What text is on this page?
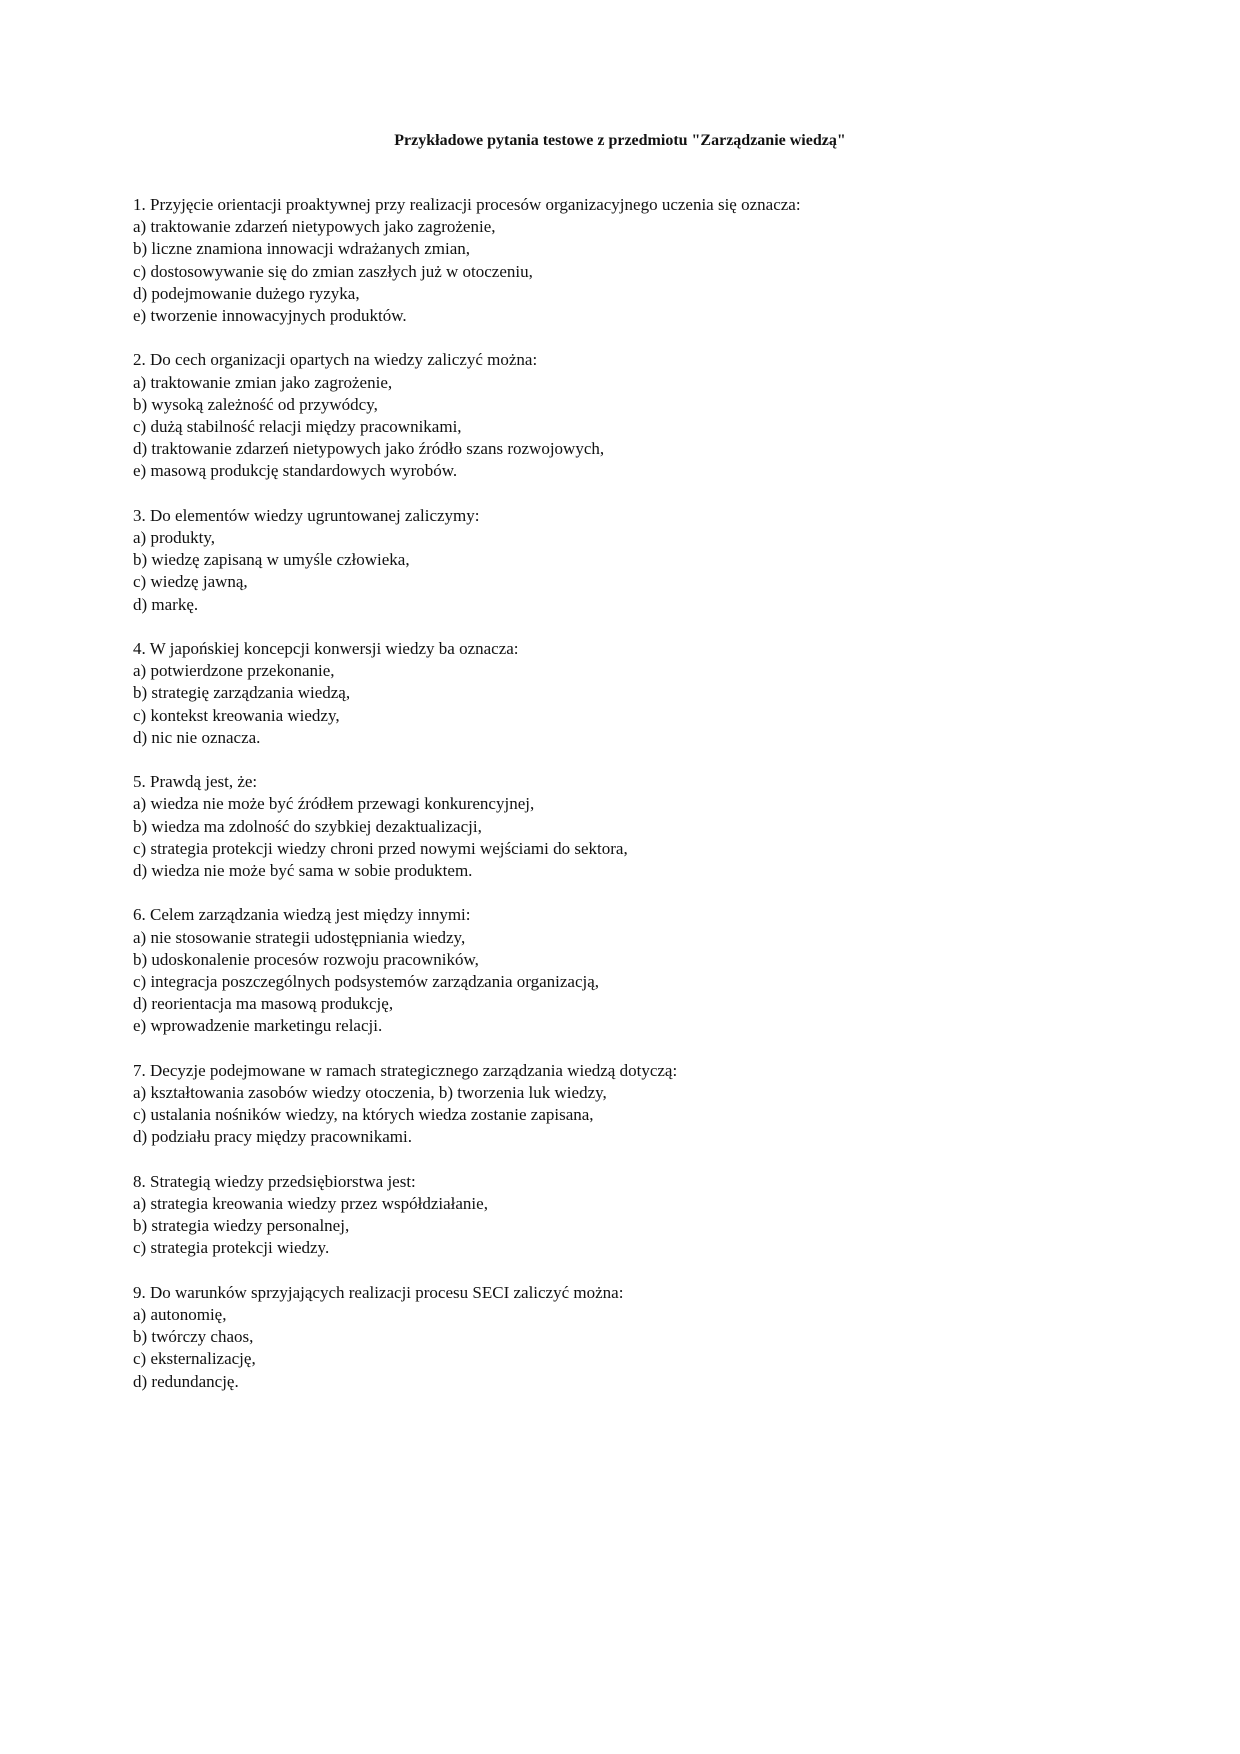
Przykładowe pytania testowe z przedmiotu "Zarządzanie wiedzą"
1. Przyjęcie orientacji proaktywnej przy realizacji procesów organizacyjnego uczenia się oznacza:
a) traktowanie zdarzeń nietypowych jako zagrożenie,
b) liczne znamiona innowacji wdrażanych zmian,
c) dostosowywanie się do zmian zaszłych już w otoczeniu,
d) podejmowanie dużego ryzyka,
e) tworzenie innowacyjnych produktów.
2. Do cech organizacji opartych na wiedzy zaliczyć można:
a) traktowanie zmian jako zagrożenie,
b) wysoką zależność od przywódcy,
c) dużą stabilność relacji między pracownikami,
d) traktowanie zdarzeń nietypowych jako źródło szans rozwojowych,
e) masową produkcję standardowych wyrobów.
3. Do elementów wiedzy ugruntowanej zaliczymy:
a) produkty,
b) wiedzę zapisaną w umyśle człowieka,
c) wiedzę jawną,
d) markę.
4. W japońskiej koncepcji konwersji wiedzy ba oznacza:
a) potwierdzone przekonanie,
b) strategię zarządzania wiedzą,
c) kontekst kreowania wiedzy,
d) nic nie oznacza.
5. Prawdą jest, że:
a) wiedza nie może być źródłem przewagi konkurencyjnej,
b) wiedza ma zdolność do szybkiej dezaktualizacji,
c) strategia protekcji wiedzy chroni przed nowymi wejściami do sektora,
d) wiedza nie może być sama w sobie produktem.
6. Celem zarządzania wiedzą jest między innymi:
a) nie stosowanie strategii udostępniania wiedzy,
b) udoskonalenie procesów rozwoju pracowników,
c) integracja poszczególnych podsystemów zarządzania organizacją,
d) reorientacja ma masową produkcję,
e) wprowadzenie marketingu relacji.
7. Decyzje podejmowane w ramach strategicznego zarządzania wiedzą dotyczą:
a) kształtowania zasobów wiedzy otoczenia, b) tworzenia luk wiedzy,
c) ustalania nośników wiedzy, na których wiedza zostanie zapisana,
d) podziału pracy między pracownikami.
8. Strategią wiedzy przedsiębiorstwa jest:
a) strategia kreowania wiedzy przez współdziałanie,
b) strategia wiedzy personalnej,
c) strategia protekcji wiedzy.
9. Do warunków sprzyjających realizacji procesu SECI zaliczyć można:
a) autonomię,
b) twórczy chaos,
c) eksternalizację,
d) redundancję.
